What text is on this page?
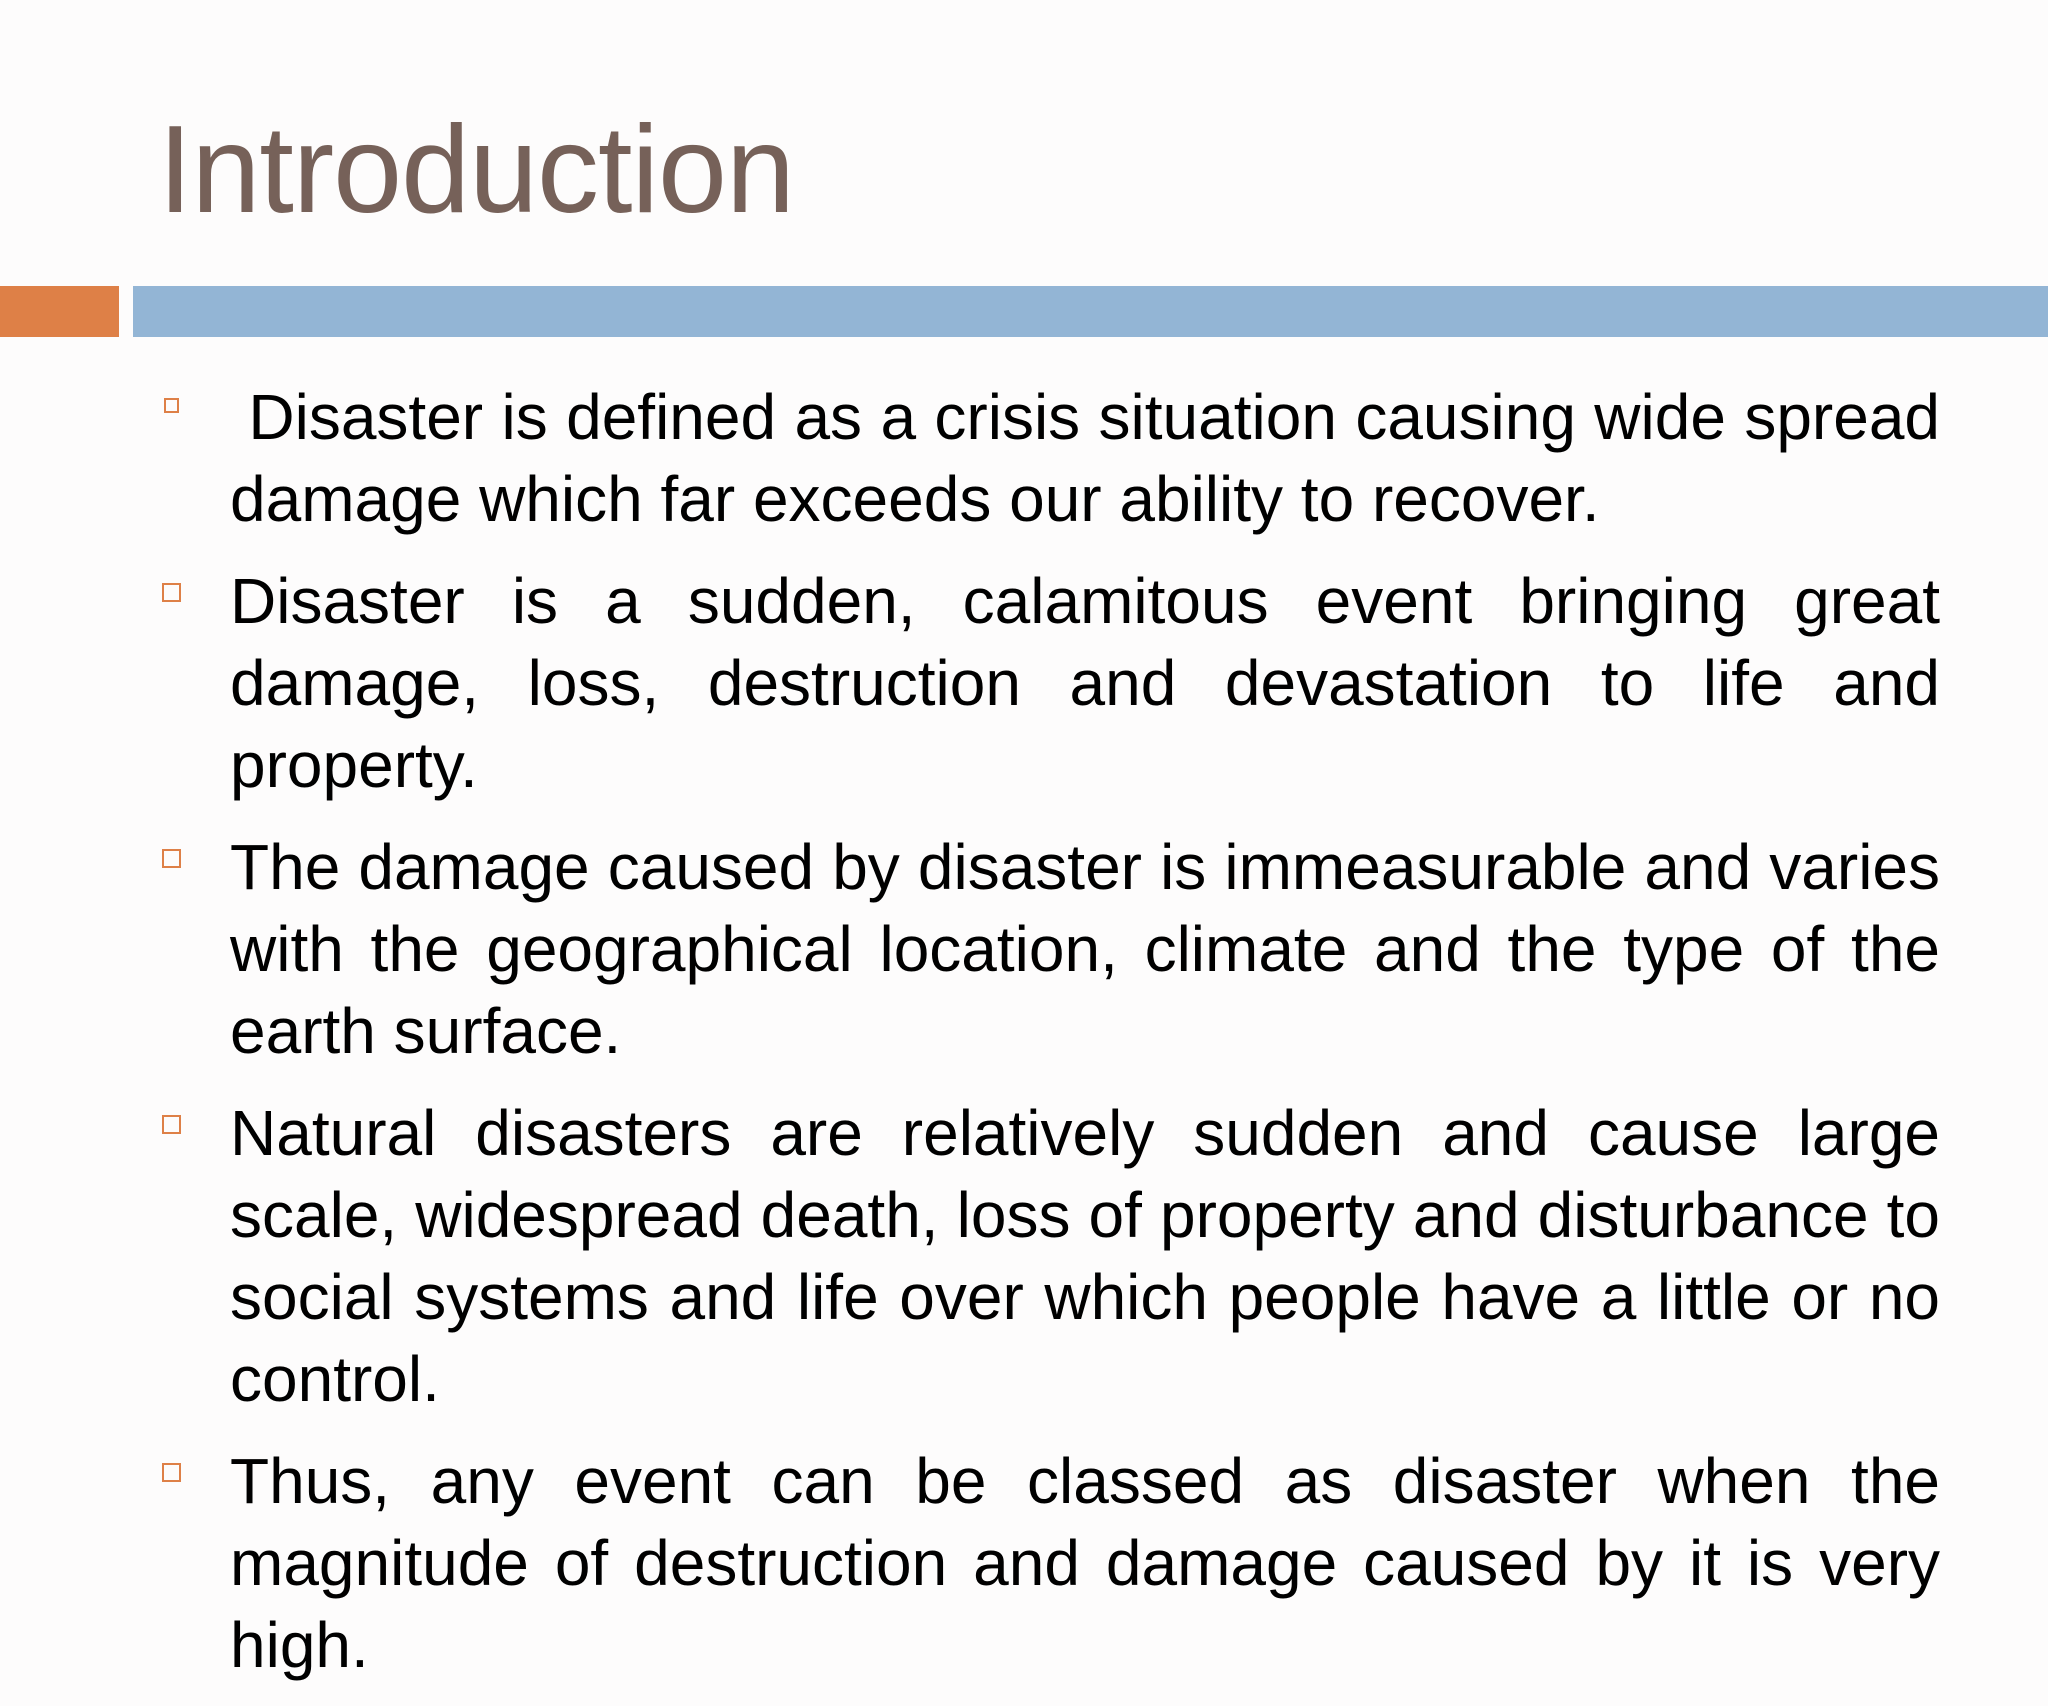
Introduction

Disaster is defined as a crisis situation causing wide spread damage which far exceeds our ability to recover.

Disaster is a sudden, calamitous event bringing great damage, loss, destruction and devastation to life and property.

The damage caused by disaster is immeasurable and varies with the geographical location, climate and the type of the earth surface.

Natural disasters are relatively sudden and cause large scale, widespread death, loss of property and disturbance to social systems and life over which people have a little or no control.

Thus, any event can be classed as disaster when the magnitude of destruction and damage caused by it is very high.
